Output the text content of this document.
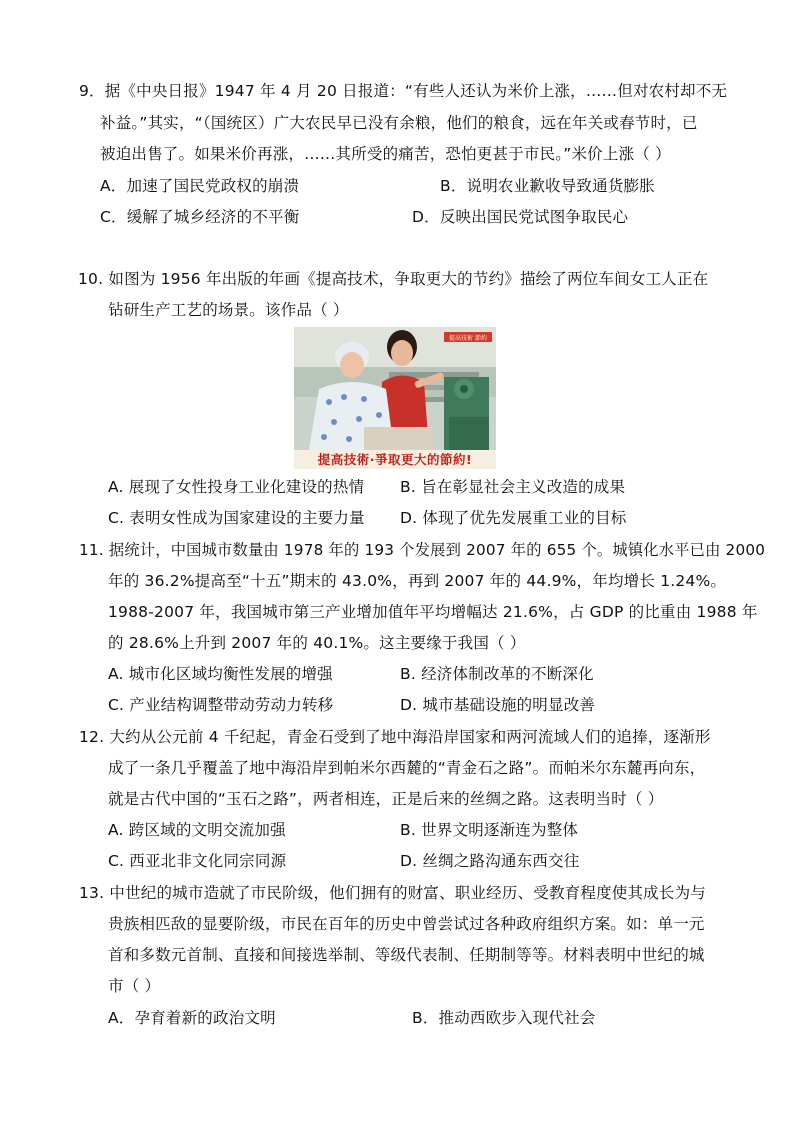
9．据《中央日报》1947 年 4 月 20 日报道：“有些人还认为米价上涨，……但对农村却不无
补益。”其实，“（国统区）广大农民早已没有余粮，他们的粮食，远在年关或春节时，已
被迫出售了。如果米价再涨，……其所受的痛苦，恐怕更甚于市民。”米价上涨（ ）
A．加速了国民党政权的崩溃	B．说明农业歉收导致通货膨胀
C．缓解了城乡经济的不平衡	D．反映出国民党试图争取民心
10. 如图为 1956 年出版的年画《提高技术，争取更大的节约》描绘了两位车间女工人正在
钻研生产工艺的场景。该作品（ ）
提高技術 節約
提高技術·爭取更大的節約!
A. 展现了女性投身工业化建设的热情 B. 旨在彰显社会主义改造的成果
C. 表明女性成为国家建设的主要力量 D. 体现了优先发展重工业的目标
11. 据统计，中国城市数量由 1978 年的 193 个发展到 2007 年的 655 个。城镇化水平已由 2000
年的 36.2%提高至“十五”期末的 43.0%，再到 2007 年的 44.9%，年均增长 1.24%。
1988-2007 年，我国城市第三产业增加值年平均增幅达 21.6%，占 GDP 的比重由 1988 年
的 28.6%上升到 2007 年的 40.1%。这主要缘于我国（ ）
A. 城市化区域均衡性发展的增强	B. 经济体制改革的不断深化
C. 产业结构调整带动劳动力转移	D. 城市基础设施的明显改善
12. 大约从公元前 4 千纪起，青金石受到了地中海沿岸国家和两河流域人们的追捧，逐渐形
成了一条几乎覆盖了地中海沿岸到帕米尔西麓的“青金石之路”。而帕米尔东麓再向东，
就是古代中国的“玉石之路”，两者相连，正是后来的丝绸之路。这表明当时（ ）
A. 跨区域的文明交流加强	B. 世界文明逐渐连为整体
C. 西亚北非文化同宗同源	D. 丝绸之路沟通东西交往
13. 中世纪的城市造就了市民阶级，他们拥有的财富、职业经历、受教育程度使其成长为与
贵族相匹敌的显要阶级，市民在百年的历史中曾尝试过各种政府组织方案。如：单一元
首和多数元首制、直接和间接选举制、等级代表制、任期制等等。材料表明中世纪的城
市（ ）
A．孕育着新的政治文明	B．推动西欧步入现代社会
